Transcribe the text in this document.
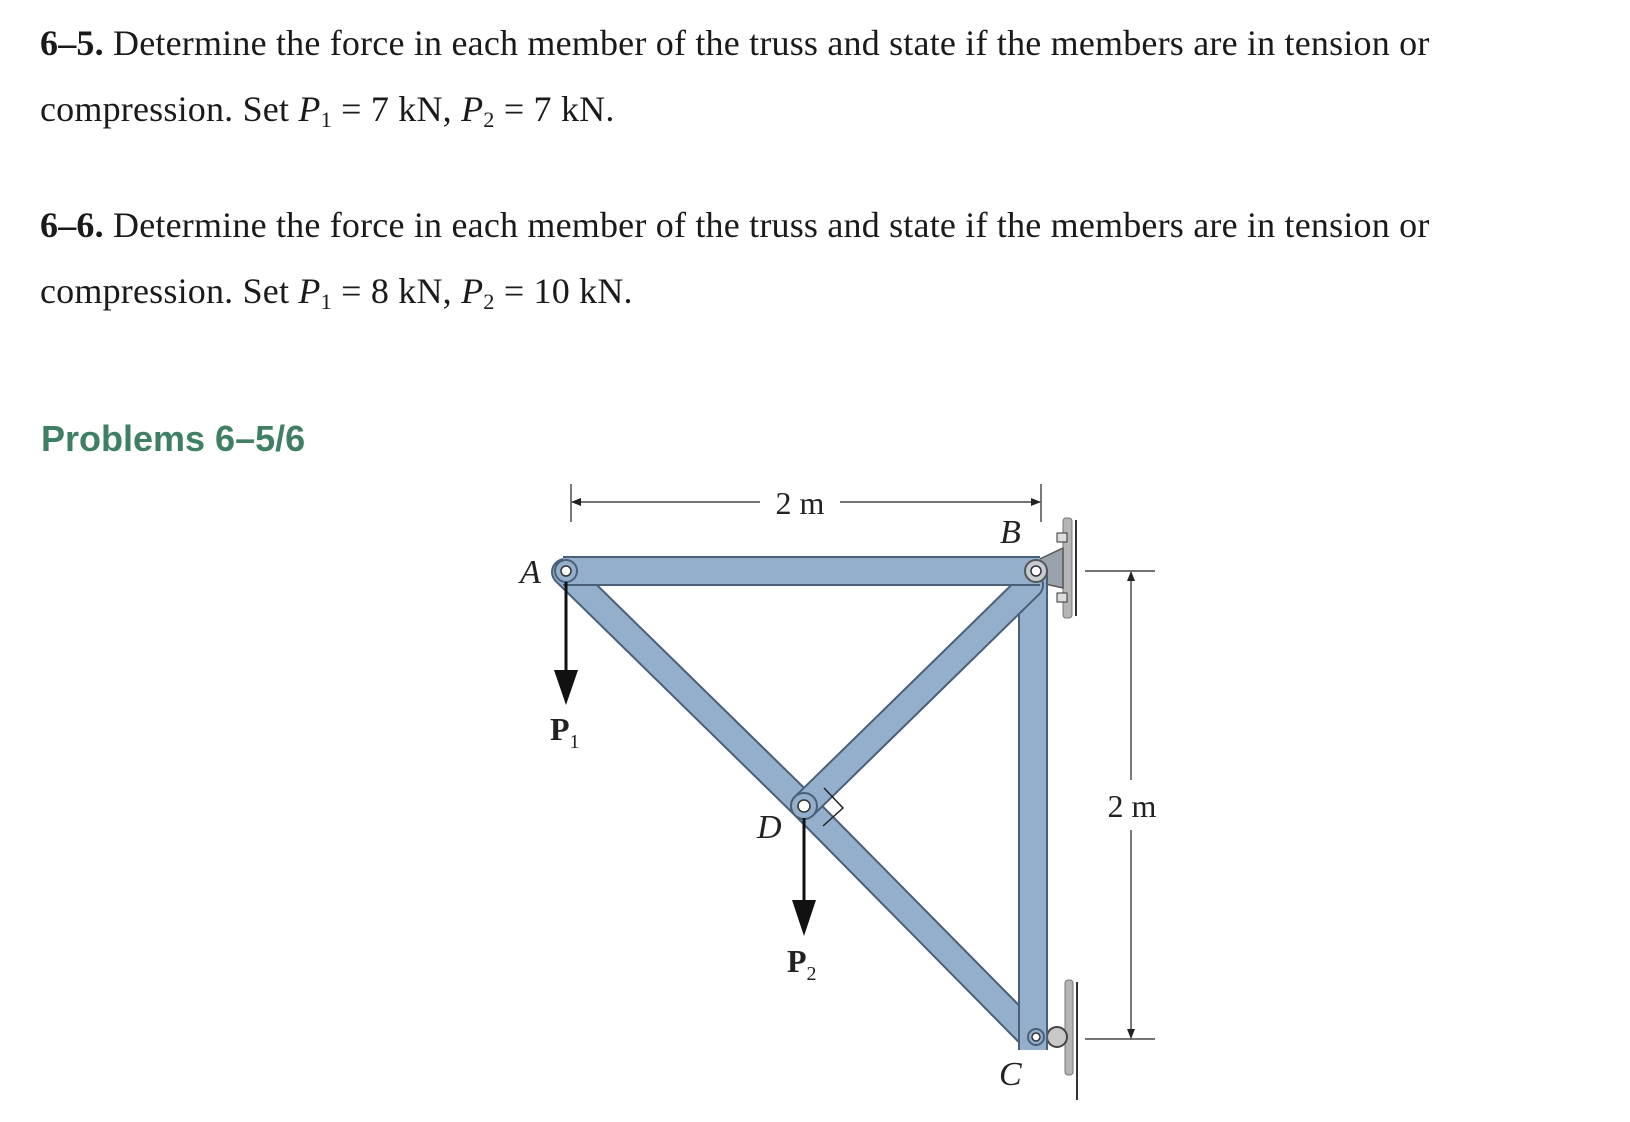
6–5. Determine the force in each member of the truss and state if the members are in tension or compression. Set P1 = 7 kN, P2 = 7 kN.
6–6. Determine the force in each member of the truss and state if the members are in tension or compression. Set P1 = 8 kN, P2 = 10 kN.
Problems 6–5/6
2 m
2 m
A
B
D
C
$P_1$
$P_2$
